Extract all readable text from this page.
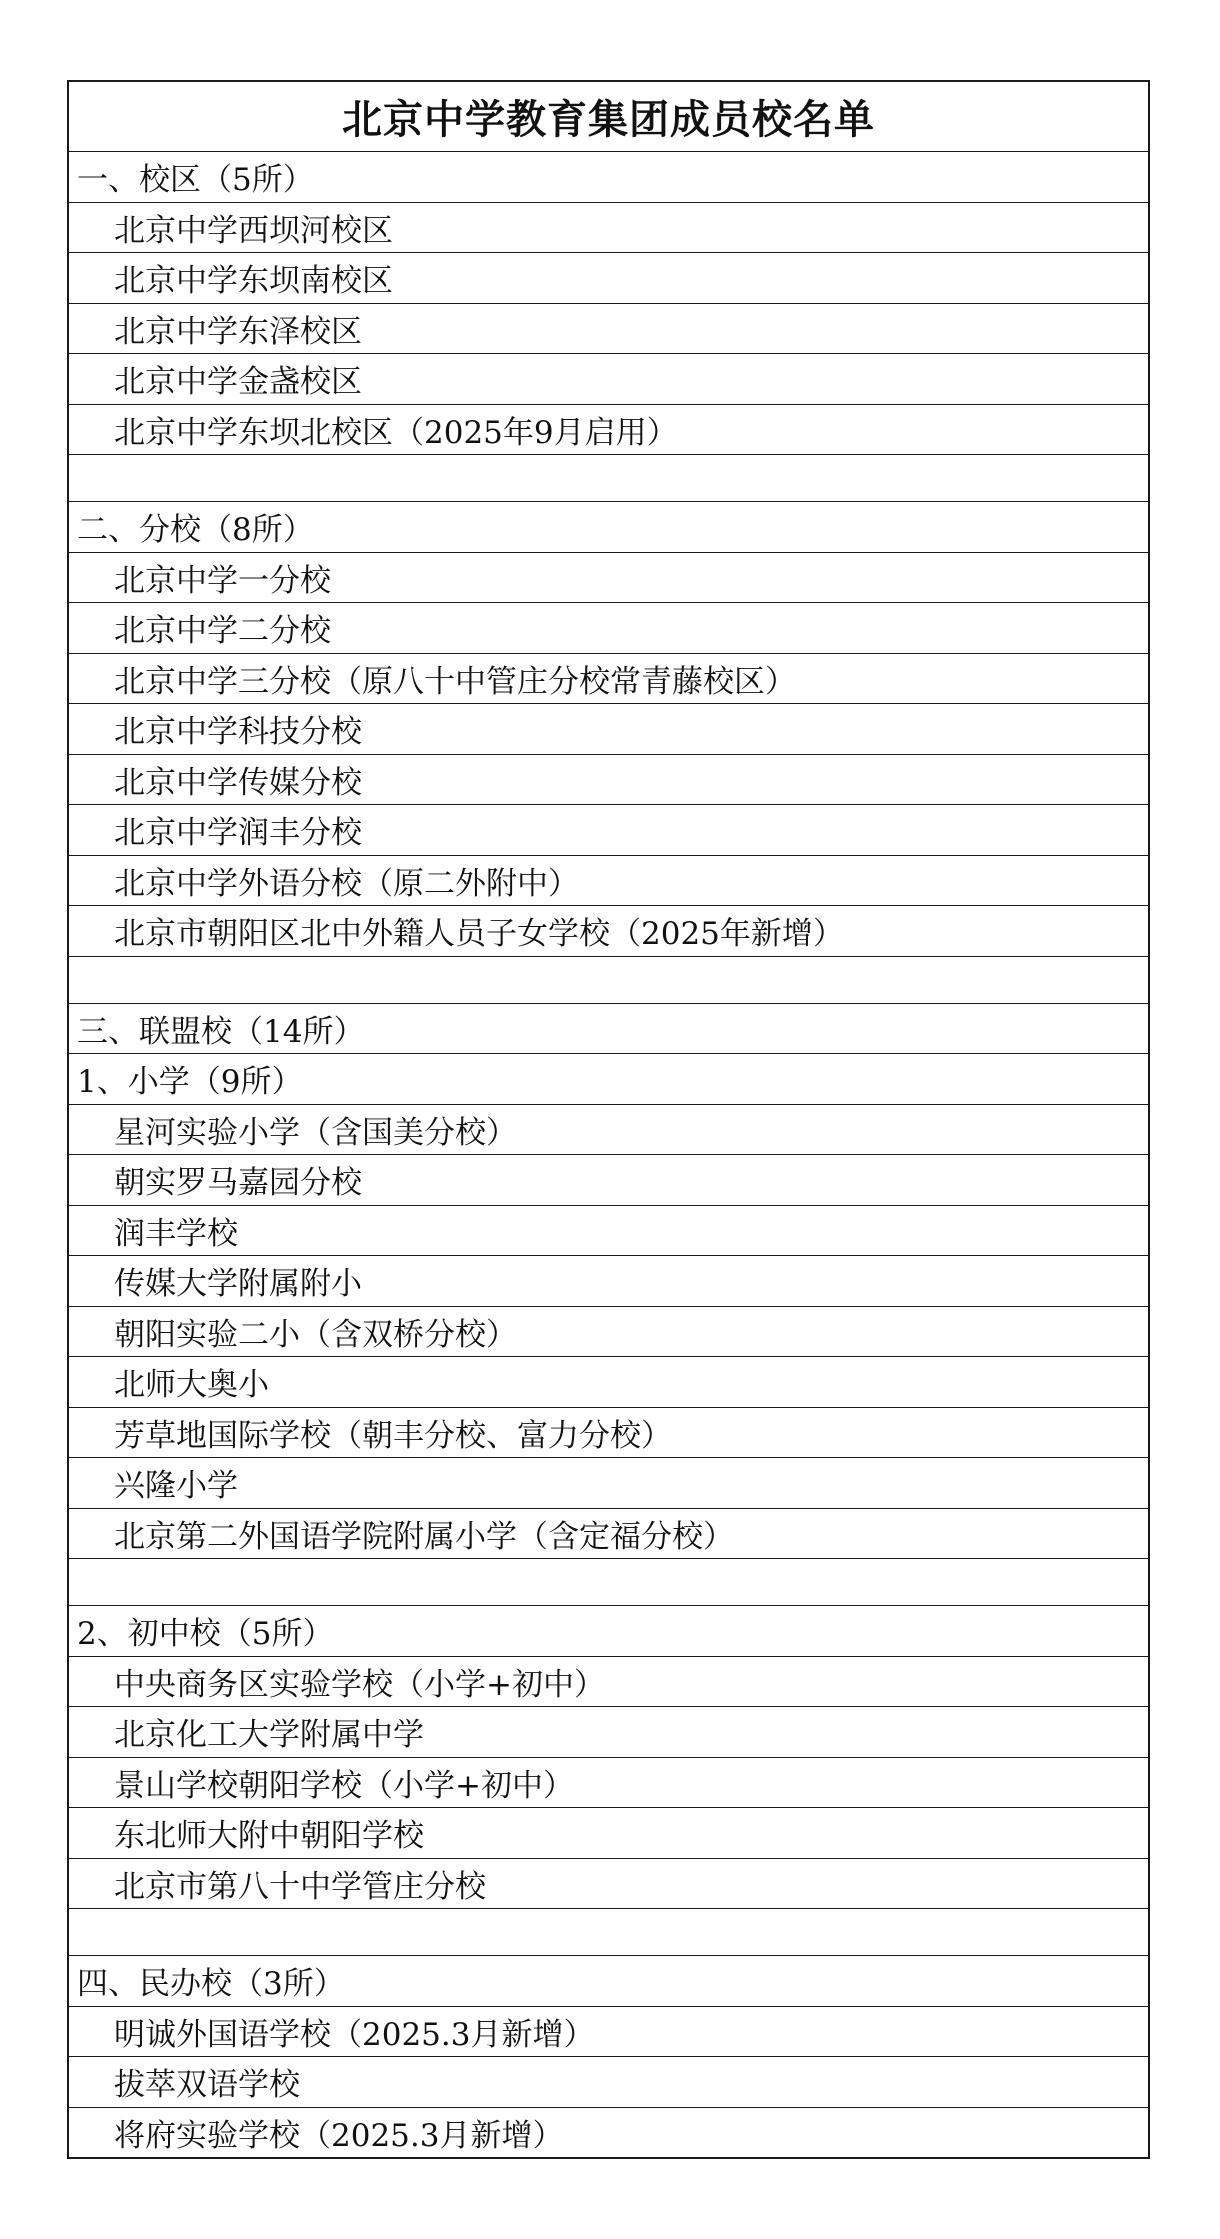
北京中学教育集团成员校名单
一、校区（5所）
北京中学西坝河校区
北京中学东坝南校区
北京中学东泽校区
北京中学金盏校区
北京中学东坝北校区（2025年9月启用）

二、分校（8所）
北京中学一分校
北京中学二分校
北京中学三分校（原八十中管庄分校常青藤校区）
北京中学科技分校
北京中学传媒分校
北京中学润丰分校
北京中学外语分校（原二外附中）
北京市朝阳区北中外籍人员子女学校（2025年新增）

三、联盟校（14所）
1、小学（9所）
星河实验小学（含国美分校）
朝实罗马嘉园分校
润丰学校
传媒大学附属附小
朝阳实验二小（含双桥分校）
北师大奥小
芳草地国际学校（朝丰分校、富力分校）
兴隆小学
北京第二外国语学院附属小学（含定福分校）

2、初中校（5所）
中央商务区实验学校（小学+初中）
北京化工大学附属中学
景山学校朝阳学校（小学+初中）
东北师大附中朝阳学校
北京市第八十中学管庄分校

四、民办校（3所）
明诚外国语学校（2025.3月新增）
拔萃双语学校
将府实验学校（2025.3月新增）
